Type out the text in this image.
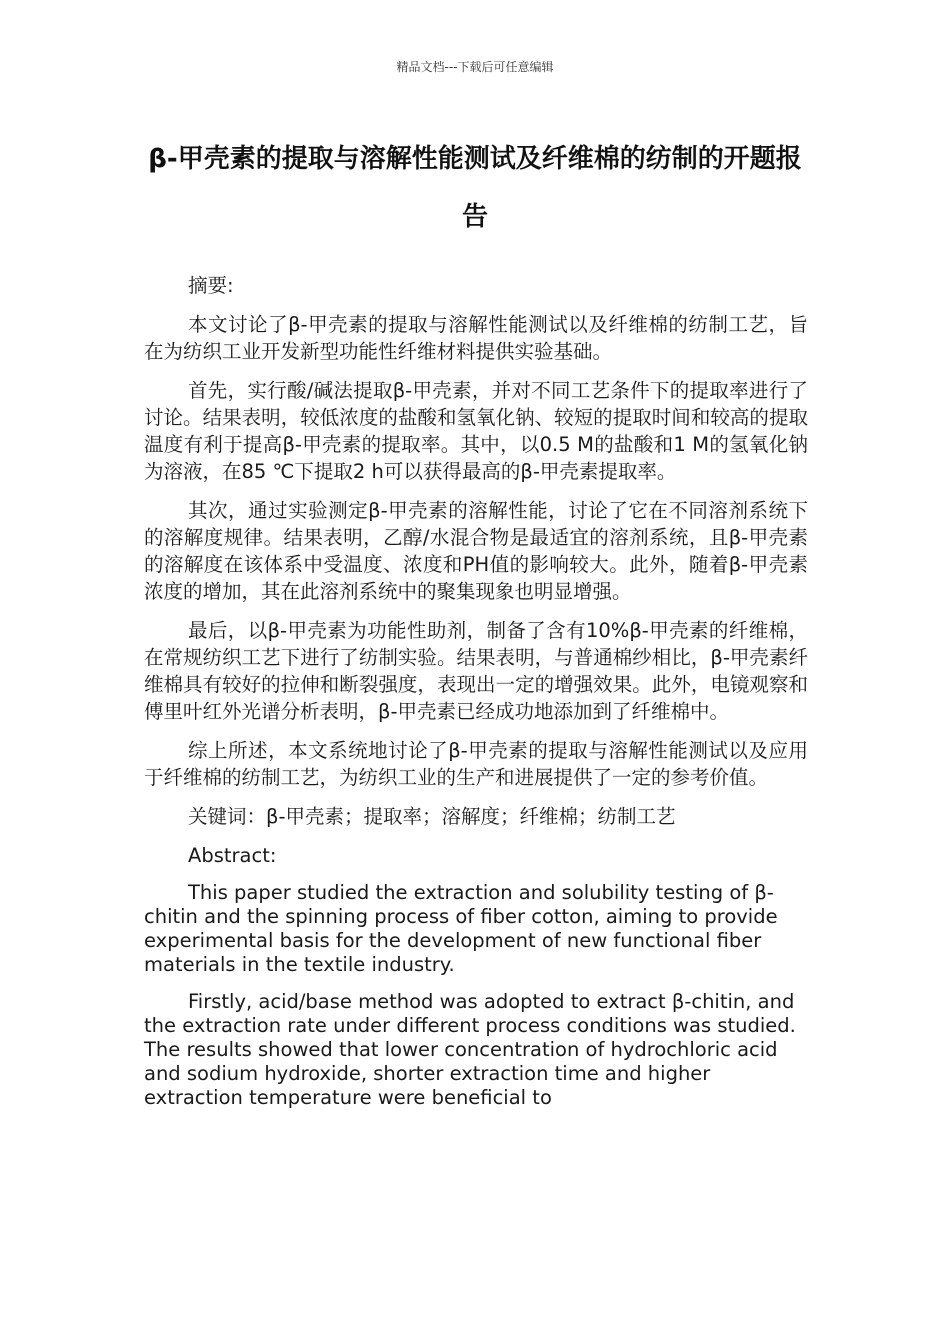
精品文档---下载后可任意编辑
β-甲壳素的提取与溶解性能测试及纤维棉的纺制的开题报告

摘要:

本文讨论了β-甲壳素的提取与溶解性能测试以及纤维棉的纺制工艺，旨在为纺织工业开发新型功能性纤维材料提供实验基础。

首先，实行酸/碱法提取β-甲壳素，并对不同工艺条件下的提取率进行了讨论。结果表明，较低浓度的盐酸和氢氧化钠、较短的提取时间和较高的提取温度有利于提高β-甲壳素的提取率。其中，以0.5 M的盐酸和1 M的氢氧化钠为溶液，在85 ℃下提取2 h可以获得最高的β-甲壳素提取率。

其次，通过实验测定β-甲壳素的溶解性能，讨论了它在不同溶剂系统下的溶解度规律。结果表明，乙醇/水混合物是最适宜的溶剂系统，且β-甲壳素的溶解度在该体系中受温度、浓度和PH值的影响较大。此外，随着β-甲壳素浓度的增加，其在此溶剂系统中的聚集现象也明显增强。

最后，以β-甲壳素为功能性助剂，制备了含有10%β-甲壳素的纤维棉，在常规纺织工艺下进行了纺制实验。结果表明，与普通棉纱相比，β-甲壳素纤维棉具有较好的拉伸和断裂强度，表现出一定的增强效果。此外，电镜观察和傅里叶红外光谱分析表明，β-甲壳素已经成功地添加到了纤维棉中。

综上所述，本文系统地讨论了β-甲壳素的提取与溶解性能测试以及应用于纤维棉的纺制工艺，为纺织工业的生产和进展提供了一定的参考价值。

关键词：β-甲壳素；提取率；溶解度；纤维棉；纺制工艺

Abstract:

This paper studied the extraction and solubility testing of β-chitin and the spinning process of fiber cotton, aiming to provide experimental basis for the development of new functional fiber materials in the textile industry.

Firstly, acid/base method was adopted to extract β-chitin, and the extraction rate under different process conditions was studied. The results showed that lower concentration of hydrochloric acid and sodium hydroxide, shorter extraction time and higher extraction temperature were beneficial to
